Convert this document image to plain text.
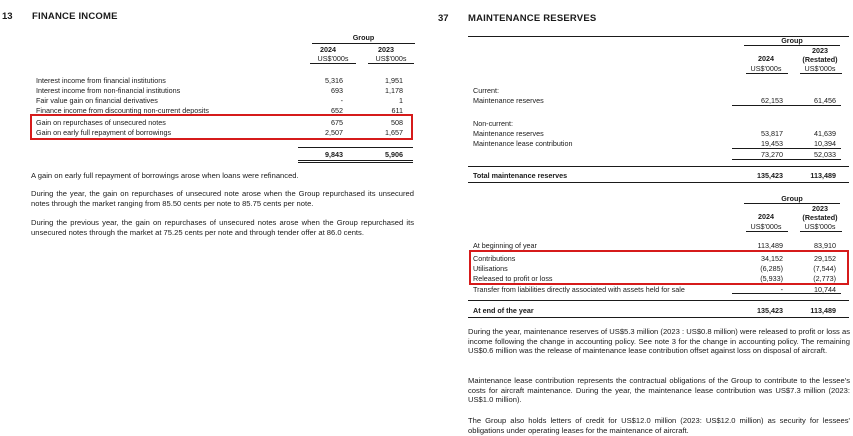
13 FINANCE INCOME
Group
2024	2023
US$'000s	US$'000s
Interest income from financial institutions	5,316	1,951
Interest income from non-financial institutions	693	1,178
Fair value gain on financial derivatives	-	1
Finance income from discounting non-current deposits	652	611
Gain on repurchases of unsecured notes	675	508
Gain on early full repayment of borrowings	2,507	1,657
9,843	5,906
A gain on early full repayment of borrowings arose when loans were refinanced.
During the year, the gain on repurchases of unsecured note arose when the Group repurchased its unsecured notes through the market ranging from 85.50 cents per note to 85.75 cents per note.
During the previous year, the gain on repurchases of unsecured notes arose when the Group repurchased its unsecured notes through the market at 75.25 cents per note and through tender offer at 86.0 cents.
37 MAINTENANCE RESERVES
Group
2024
2023
(Restated)
US$'000s	US$'000s
Current:
Maintenance reserves	62,153	61,456
Non-current:
Maintenance reserves	53,817	41,639
Maintenance lease contribution	19,453	10,394
73,270	52,033
Total maintenance reserves	135,423	113,489
Group
2024
2023
(Restated)
US$'000s	US$'000s
At beginning of year	113,489	83,910
Contributions	34,152	29,152
Utilisations	(6,285)	(7,544)
Released to profit or loss	(5,933)	(2,773)
Transfer from liabilities directly associated with assets held for sale	-	10,744
At end of the year	135,423	113,489
During the year, maintenance reserves of US$5.3 million (2023 : US$0.8 million) were released to profit or loss as income following the change in accounting policy. See note 3 for the change in accounting policy. The remaining US$0.6 million was the release of maintenance lease contribution offset against loss on disposal of aircraft.
Maintenance lease contribution represents the contractual obligations of the Group to contribute to the lessee's costs for aircraft maintenance. During the year, the maintenance lease contribution was US$7.3 million (2023: US$1.0 million).
The Group also holds letters of credit for US$12.0 million (2023: US$12.0 million) as security for lessees' obligations under operating leases for the maintenance of aircraft.
